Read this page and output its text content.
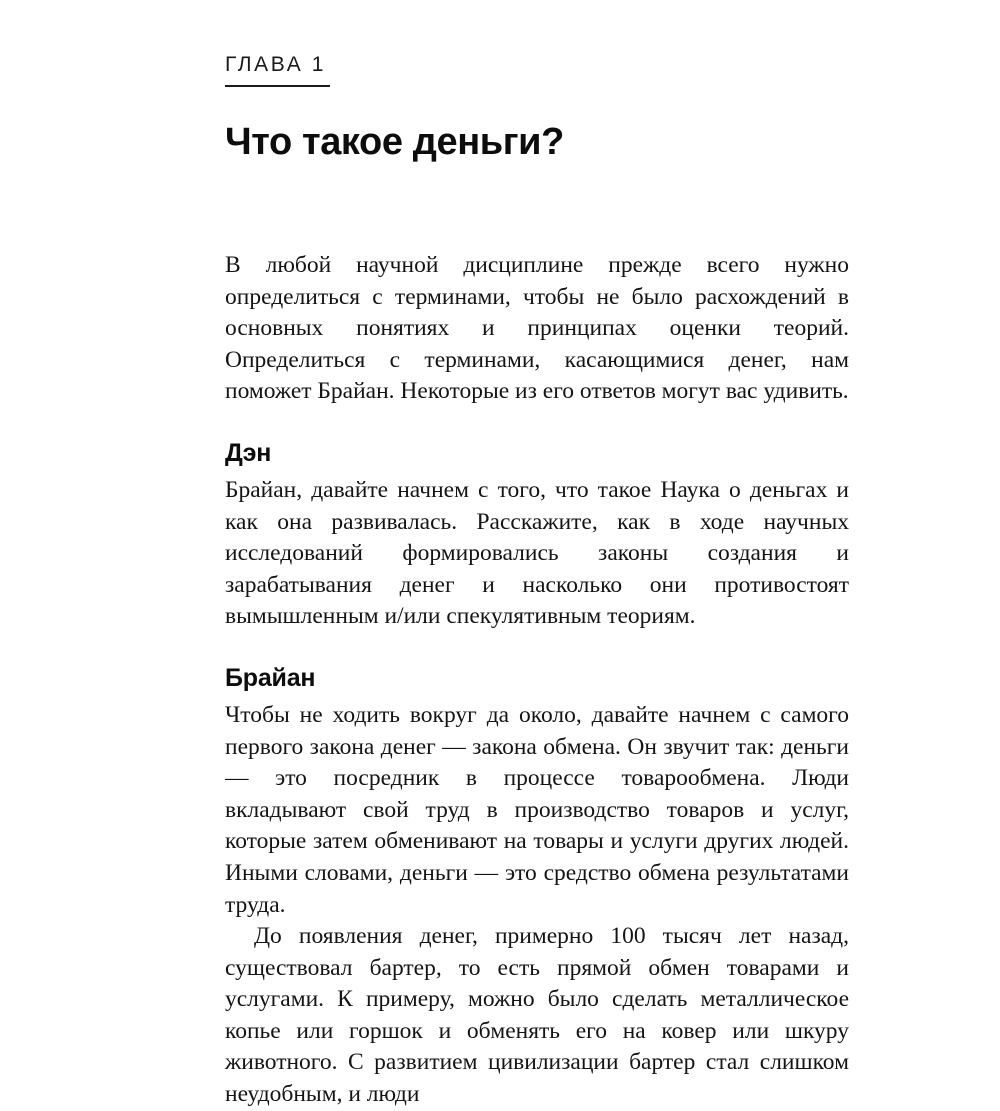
ГЛАВА 1
Что такое деньги?

В любой научной дисциплине прежде всего нужно определиться с терминами, чтобы не было расхождений в основных понятиях и принципах оценки теорий. Определиться с терминами, касающимися денег, нам поможет Брайан. Некоторые из его ответов могут вас удивить.

Дэн

Брайан, давайте начнем с того, что такое Наука о деньгах и как она развивалась. Расскажите, как в ходе научных исследований формировались законы создания и зарабатывания денег и насколько они противостоят вымышленным и/или спекулятивным теориям.

Брайан

Чтобы не ходить вокруг да около, давайте начнем с самого первого закона денег — закона обмена. Он звучит так: деньги — это посредник в процессе товарообмена. Люди вкладывают свой труд в производство товаров и услуг, которые затем обменивают на товары и услуги других людей. Иными словами, деньги — это средство обмена результатами труда.

До появления денег, примерно 100 тысяч лет назад, существовал бартер, то есть прямой обмен товарами и услугами. К примеру, можно было сделать металлическое копье или горшок и обменять его на ковер или шкуру животного. С развитием цивилизации бартер стал слишком неудобным, и люди
